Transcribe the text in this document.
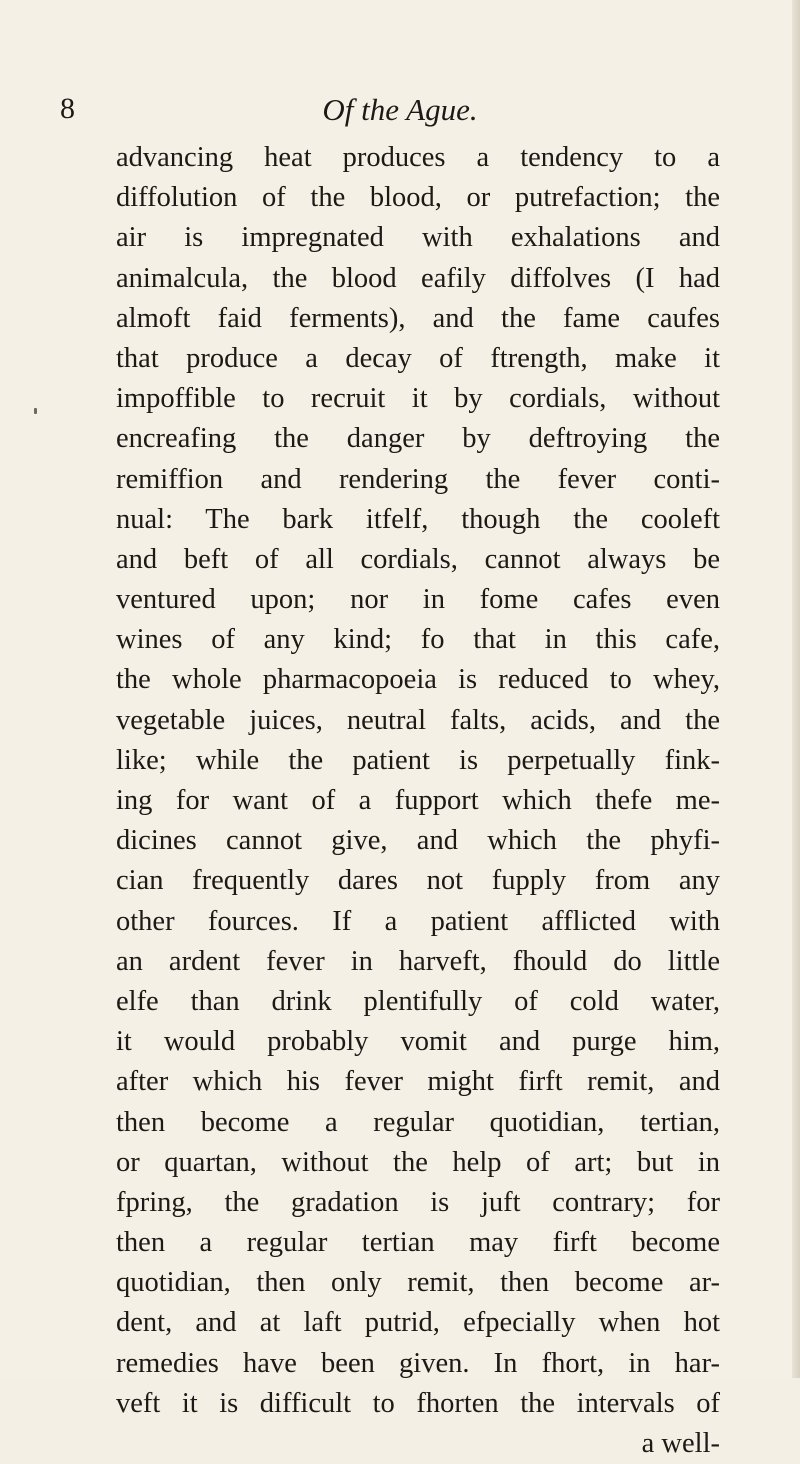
8	Of the Ague.
advancing heat produces a tendency to a
diffolution of the blood, or putrefaction; the
air is impregnated with exhalations and
animalcula, the blood eafily diffolves (I had
almoft faid ferments), and the fame caufes
that produce a decay of ftrength, make it
impoffible to recruit it by cordials, without
encreafing the danger by deftroying the
remiffion and rendering the fever conti-
nual: The bark itfelf, though the cooleft
and beft of all cordials, cannot always be
ventured upon; nor in fome cafes even
wines of any kind; fo that in this cafe,
the whole pharmacopoeia is reduced to whey,
vegetable juices, neutral falts, acids, and the
like; while the patient is perpetually fink-
ing for want of a fupport which thefe me-
dicines cannot give, and which the phyfi-
cian frequently dares not fupply from any
other fources. If a patient afflicted with
an ardent fever in harveft, fhould do little
elfe than drink plentifully of cold water,
it would probably vomit and purge him,
after which his fever might firft remit, and
then become a regular quotidian, tertian,
or quartan, without the help of art; but in
fpring, the gradation is juft contrary; for
then a regular tertian may firft become
quotidian, then only remit, then become ar-
dent, and at laft putrid, efpecially when hot
remedies have been given. In fhort, in har-
veft it is difficult to fhorten the intervals of
a well-
